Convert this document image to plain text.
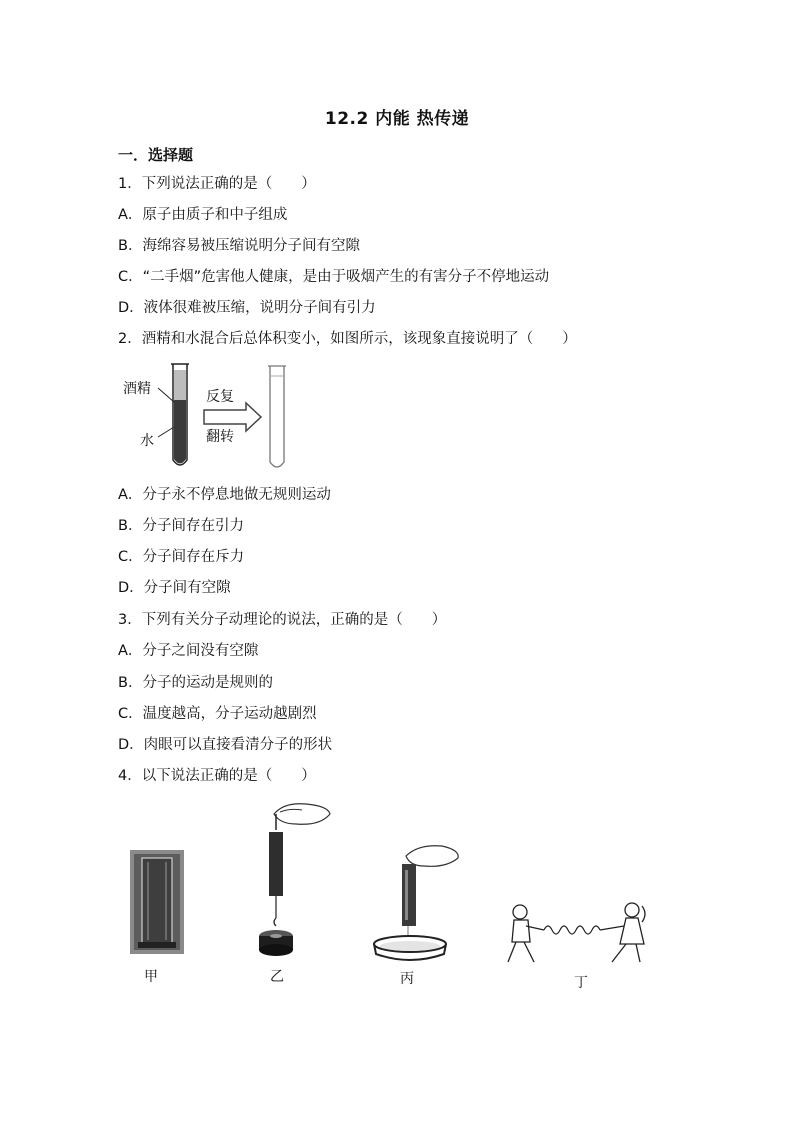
12.2 内能 热传递
一．选择题
1．下列说法正确的是（　　）
A．原子由质子和中子组成
B．海绵容易被压缩说明分子间有空隙
C．“二手烟”危害他人健康，是由于吸烟产生的有害分子不停地运动
D．液体很难被压缩，说明分子间有引力
2．酒精和水混合后总体积变小，如图所示，该现象直接说明了（　　）
酒精
水
反复
翻转
A．分子永不停息地做无规则运动
B．分子间存在引力
C．分子间存在斥力
D．分子间有空隙
3．下列有关分子动理论的说法，正确的是（　　）
A．分子之间没有空隙
B．分子的运动是规则的
C．温度越高，分子运动越剧烈
D．肉眼可以直接看清分子的形状
4．以下说法正确的是（　　）
甲	乙	丙	丁
